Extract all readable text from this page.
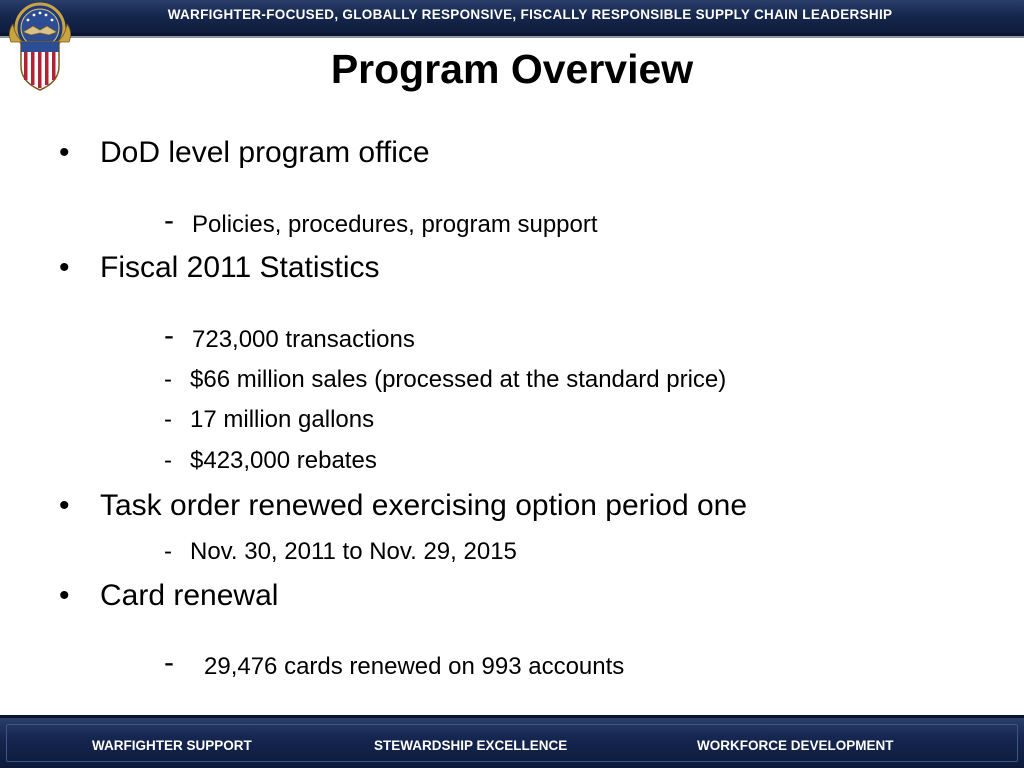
WARFIGHTER-FOCUSED, GLOBALLY RESPONSIVE, FISCALLY RESPONSIBLE SUPPLY CHAIN LEADERSHIP
Program Overview
• DoD level program office
- Policies, procedures, program support
• Fiscal 2011 Statistics
- 723,000 transactions
- $66 million sales (processed at the standard price)
- 17 million gallons
- $423,000 rebates
• Task order renewed exercising option period one
- Nov. 30, 2011 to Nov. 29, 2015
• Card renewal
- 29,476 cards renewed on 993 accounts
WARFIGHTER SUPPORT	STEWARDSHIP EXCELLENCE	WORKFORCE DEVELOPMENT
